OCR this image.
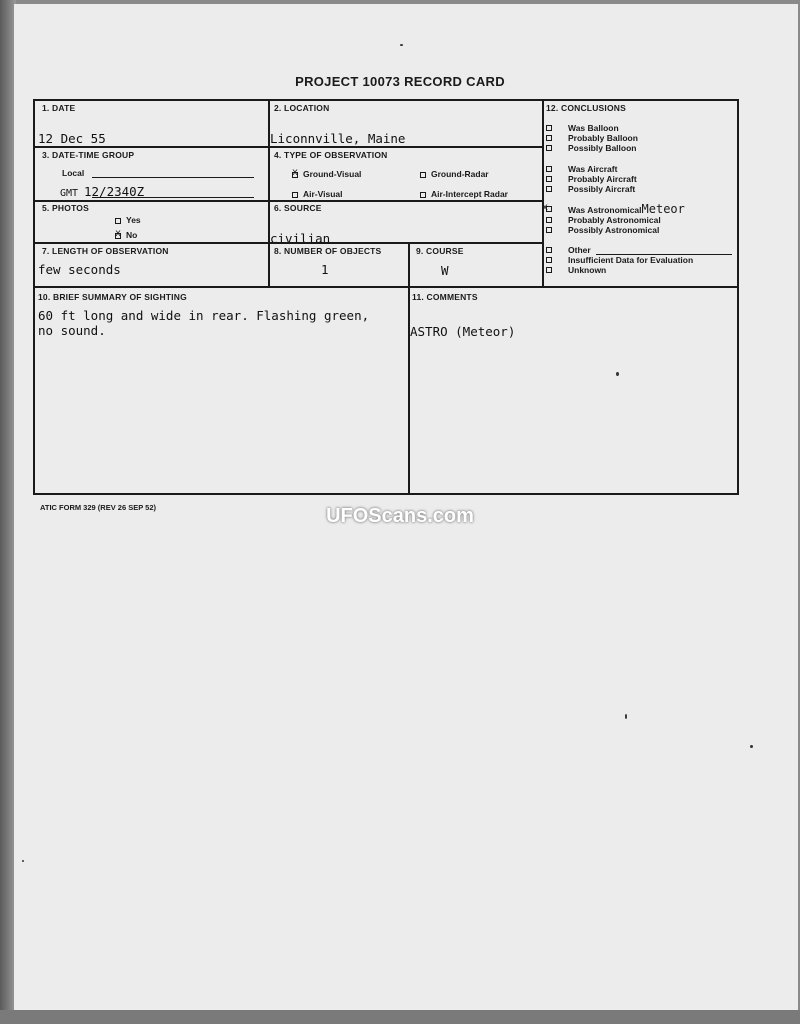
PROJECT 10073 RECORD CARD
1. DATE
12 Dec 55
2. LOCATION
Liconnville, Maine
3. DATE-TIME GROUP
Local
GMT 12/2340Z
4. TYPE OF OBSERVATION
xGround-Visual	Ground-Radar
Air-Visual	Air-Intercept Radar
5. PHOTOS
Yes
xNo
6. SOURCE
civilian
7. LENGTH OF OBSERVATION
few seconds
8. NUMBER OF OBJECTS
1
9. COURSE
W
10. BRIEF SUMMARY OF SIGHTING
60 ft long and wide in rear. Flashing green,
no sound.
11. COMMENTS
ASTRO (Meteor)
12. CONCLUSIONS
Was Balloon
Probably Balloon
Possibly Balloon
Was Aircraft
Probably Aircraft
Possibly Aircraft
x Was AstronomicalMeteor
Probably Astronomical
Possibly Astronomical
Other
Insufficient Data for Evaluation
Unknown
ATIC FORM 329 (REV 26 SEP 52)	UFOScans.com
